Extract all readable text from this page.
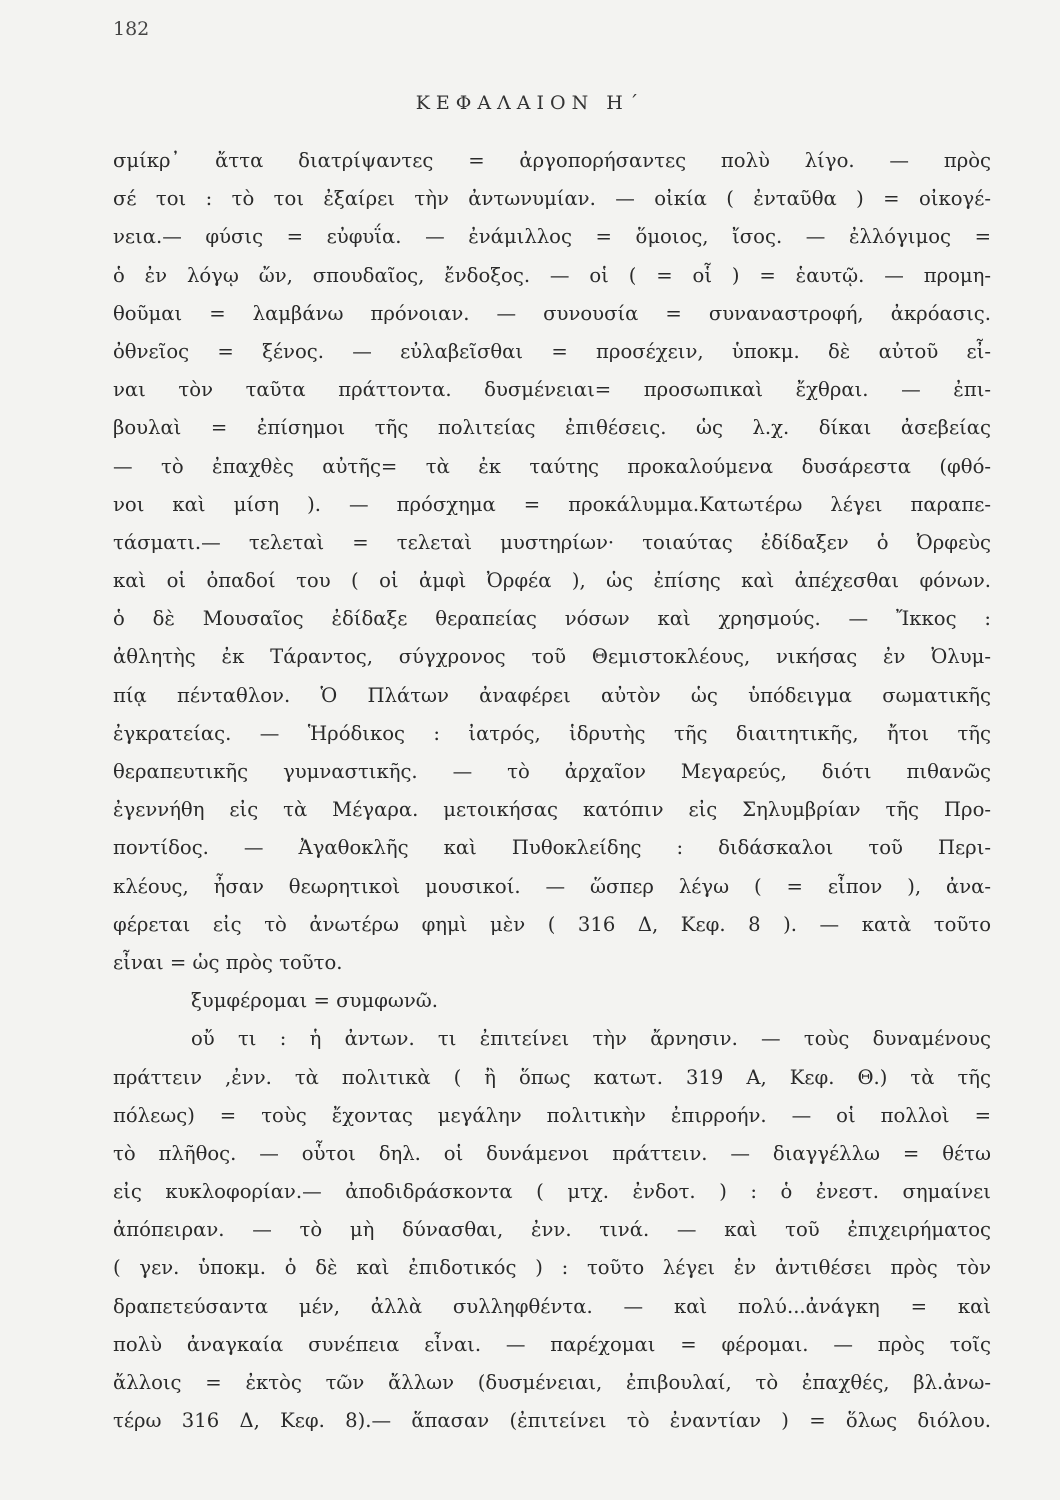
182
ΚΕΦΑΛΑΙΟΝ Η΄
σμίκρ᾽ ἄττα διατρίψαντες = ἀργοπορήσαντες πολὺ λίγο. — πρὸς
σέ τοι : τὸ τοι ἐξαίρει τὴν ἀντωνυμίαν. — οἰκία ( ἐνταῦθα ) = οἰκογέ-
νεια.— φύσις = εὐφυΐα. — ἐνάμιλλος = ὅμοιος, ἴσος. — ἐλλόγιμος =
ὁ ἐν λόγῳ ὤν, σπουδαῖος, ἔνδοξος. — οἱ ( = οἷ ) = ἑαυτῷ. — προμη-
θοῦμαι = λαμβάνω πρόνοιαν. — συνουσία = συναναστροφή, ἀκρόασις.
ὀθνεῖος = ξένος. — εὐλαβεῖσθαι = προσέχειν, ὑποκμ. δὲ αὐτοῦ εἶ-
ναι τὸν ταῦτα πράττοντα. δυσμένειαι= προσωπικαὶ ἔχθραι. — ἐπι-
βουλαὶ = ἐπίσημοι τῆς πολιτείας ἐπιθέσεις. ὡς λ.χ. δίκαι ἀσεβείας
— τὸ ἐπαχθὲς αὐτῆς= τὰ ἐκ ταύτης προκαλούμενα δυσάρεστα (φθό-
νοι καὶ μίση ). — πρόσχημα = προκάλυμμα.Κατωτέρω λέγει παραπε-
τάσματι.— τελεταὶ = τελεταὶ μυστηρίων· τοιαύτας ἐδίδαξεν ὁ Ὀρφεὺς
καὶ οἱ ὀπαδοί του ( οἱ ἀμφὶ Ὀρφέα ), ὡς ἐπίσης καὶ ἀπέχεσθαι φόνων.
ὁ δὲ Μουσαῖος ἐδίδαξε θεραπείας νόσων καὶ χρησμούς. — Ἴκκος :
ἀθλητὴς ἐκ Τάραντος, σύγχρονος τοῦ Θεμιστοκλέους, νικήσας ἐν Ὀλυμ-
πίᾳ πένταθλον. Ὁ Πλάτων ἀναφέρει αὐτὸν ὡς ὑπόδειγμα σωματικῆς
ἐγκρατείας. — Ἡρόδικος : ἰατρός, ἱδρυτὴς τῆς διαιτητικῆς, ἤτοι τῆς
θεραπευτικῆς γυμναστικῆς. — τὸ ἀρχαῖον Μεγαρεύς, διότι πιθανῶς
ἐγεννήθη εἰς τὰ Μέγαρα. μετοικήσας κατόπιν εἰς Σηλυμβρίαν τῆς Προ-
ποντίδος. — Ἀγαθοκλῆς καὶ Πυθοκλείδης : διδάσκαλοι τοῦ Περι-
κλέους, ἦσαν θεωρητικοὶ μουσικοί. — ὥσπερ λέγω ( = εἶπον ), ἀνα-
φέρεται εἰς τὸ ἀνωτέρω φημὶ μὲν ( 316 Δ, Κεφ. 8 ). — κατὰ τοῦτο
εἶναι = ὡς πρὸς τοῦτο.
ξυμφέρομαι = συμφωνῶ.
οὔ τι : ἡ ἀντων. τι ἐπιτείνει τὴν ἄρνησιν. — τοὺς δυναμένους
πράττειν ,ἐνν. τὰ πολιτικὰ ( ἢ ὅπως κατωτ. 319 Α, Κεφ. Θ.) τὰ τῆς
πόλεως) = τοὺς ἔχοντας μεγάλην πολιτικὴν ἐπιρροήν. — οἱ πολλοὶ =
τὸ πλῆθος. — οὗτοι δηλ. οἱ δυνάμενοι πράττειν. — διαγγέλλω = θέτω
εἰς κυκλοφορίαν.— ἀποδιδράσκοντα ( μτχ. ἐνδοτ. ) : ὁ ἐνεστ. σημαίνει
ἀπόπειραν. — τὸ μὴ δύνασθαι, ἐνν. τινά. — καὶ τοῦ ἐπιχειρήματος
( γεν. ὑποκμ. ὁ δὲ καὶ ἐπιδοτικός ) : τοῦτο λέγει ἐν ἀντιθέσει πρὸς τὸν
δραπετεύσαντα μέν, ἀλλὰ συλληφθέντα. — καὶ πολύ...ἀνάγκη = καὶ
πολὺ ἀναγκαία συνέπεια εἶναι. — παρέχομαι = φέρομαι. — πρὸς τοῖς
ἄλλοις = ἐκτὸς τῶν ἄλλων (δυσμένειαι, ἐπιβουλαί, τὸ ἐπαχθές, βλ.ἀνω-
τέρω 316 Δ, Κεφ. 8).— ἅπασαν (ἐπιτείνει τὸ ἐναντίαν ) = ὅλως διόλου.
